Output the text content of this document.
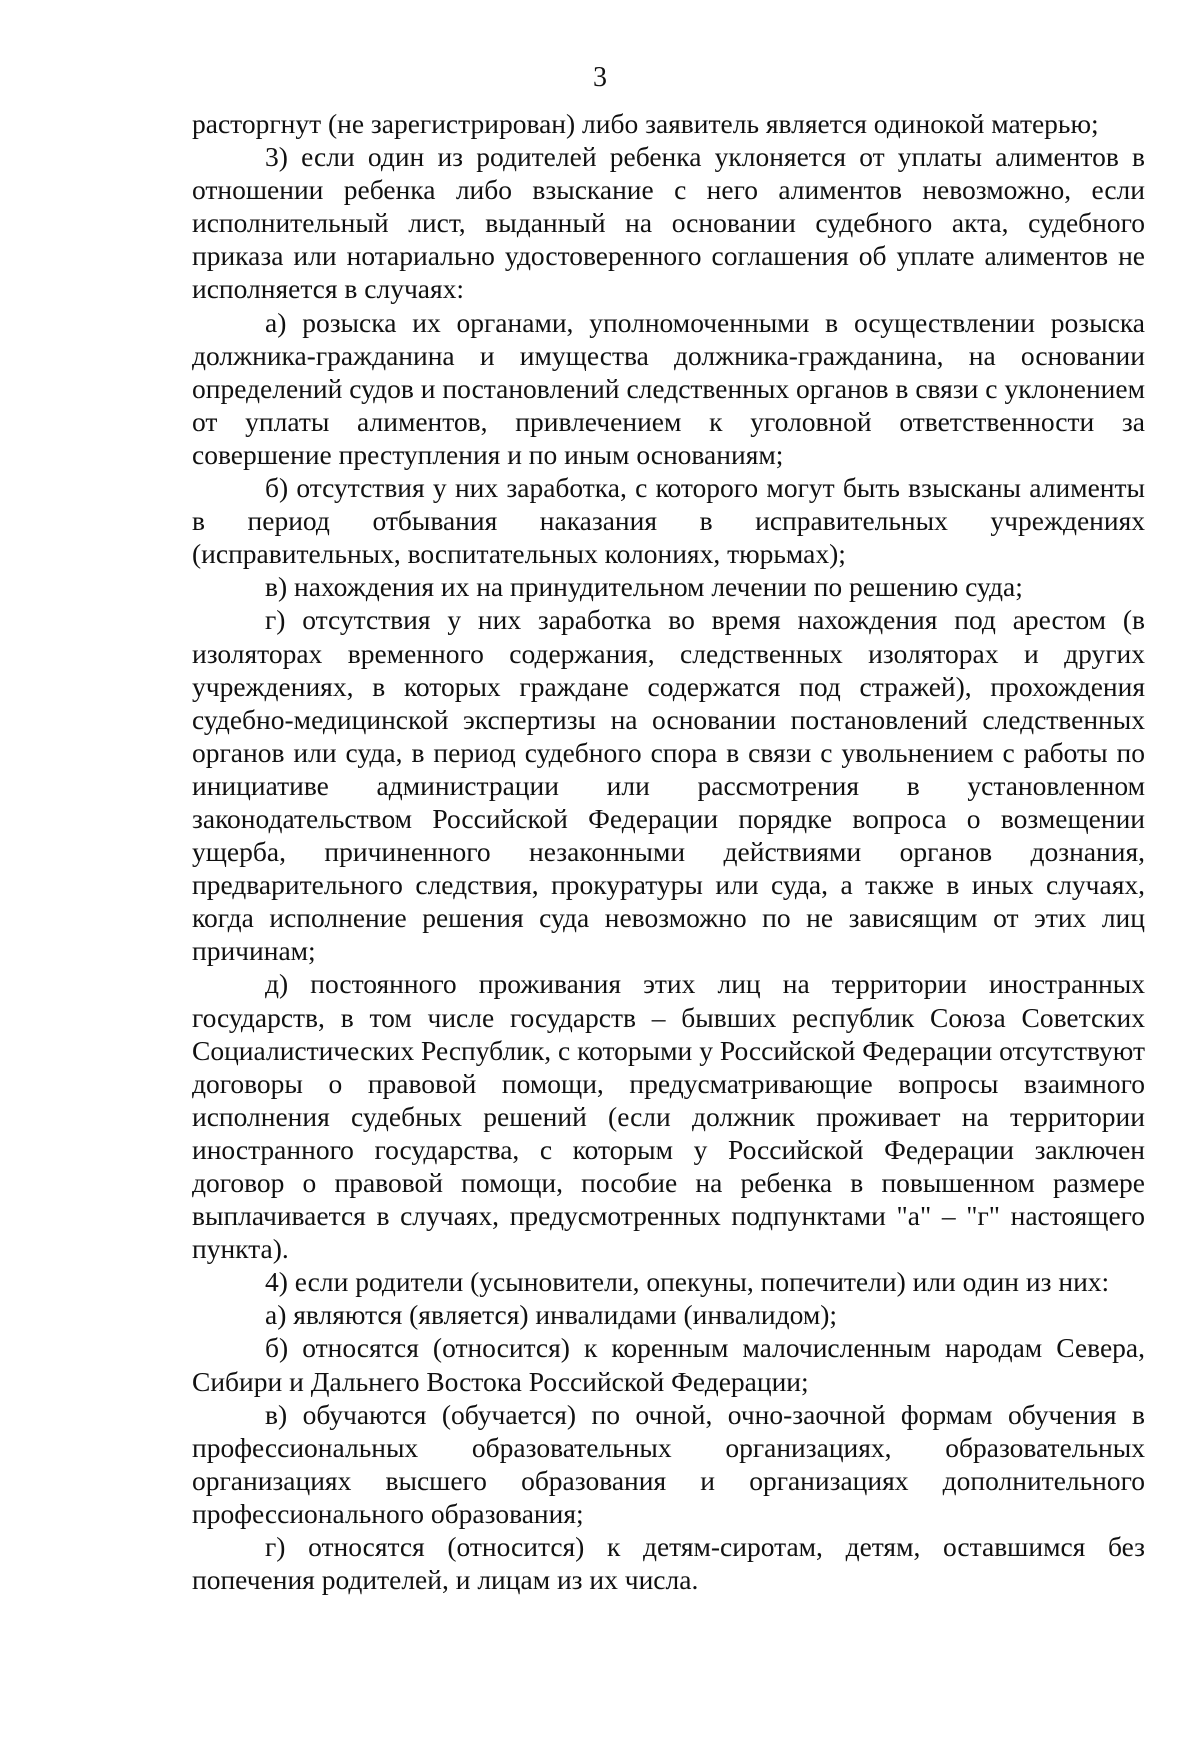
3

расторгнут (не зарегистрирован) либо заявитель является одинокой матерью;

3) если один из родителей ребенка уклоняется от уплаты алиментов в отношении ребенка либо взыскание с него алиментов невозможно, если исполнительный лист, выданный на основании судебного акта, судебного приказа или нотариально удостоверенного соглашения об уплате алиментов не исполняется в случаях:

а) розыска их органами, уполномоченными в осуществлении розыска должника-гражданина и имущества должника-гражданина, на основании определений судов и постановлений следственных органов в связи с уклонением от уплаты алиментов, привлечением к уголовной ответственности за совершение преступления и по иным основаниям;

б) отсутствия у них заработка, с которого могут быть взысканы алименты в период отбывания наказания в исправительных учреждениях (исправительных, воспитательных колониях, тюрьмах);

в) нахождения их на принудительном лечении по решению суда;

г) отсутствия у них заработка во время нахождения под арестом (в изоляторах временного содержания, следственных изоляторах и других учреждениях, в которых граждане содержатся под стражей), прохождения судебно-медицинской экспертизы на основании постановлений следственных органов или суда, в период судебного спора в связи с увольнением с работы по инициативе администрации или рассмотрения в установленном законодательством Российской Федерации порядке вопроса о возмещении ущерба, причиненного незаконными действиями органов дознания, предварительного следствия, прокуратуры или суда, а также в иных случаях, когда исполнение решения суда невозможно по не зависящим от этих лиц причинам;

д) постоянного проживания этих лиц на территории иностранных государств, в том числе государств – бывших республик Союза Советских Социалистических Республик, с которыми у Российской Федерации отсутствуют договоры о правовой помощи, предусматривающие вопросы взаимного исполнения судебных решений (если должник проживает на территории иностранного государства, с которым у Российской Федерации заключен договор о правовой помощи, пособие на ребенка в повышенном размере выплачивается в случаях, предусмотренных подпунктами "а" – "г" настоящего пункта).

4) если родители (усыновители, опекуны, попечители) или один из них:

а) являются (является) инвалидами (инвалидом);

б) относятся (относится) к коренным малочисленным народам Севера, Сибири и Дальнего Востока Российской Федерации;

в) обучаются (обучается) по очной, очно-заочной формам обучения в профессиональных образовательных организациях, образовательных организациях высшего образования и организациях дополнительного профессионального образования;

г) относятся (относится) к детям-сиротам, детям, оставшимся без попечения родителей, и лицам из их числа.
